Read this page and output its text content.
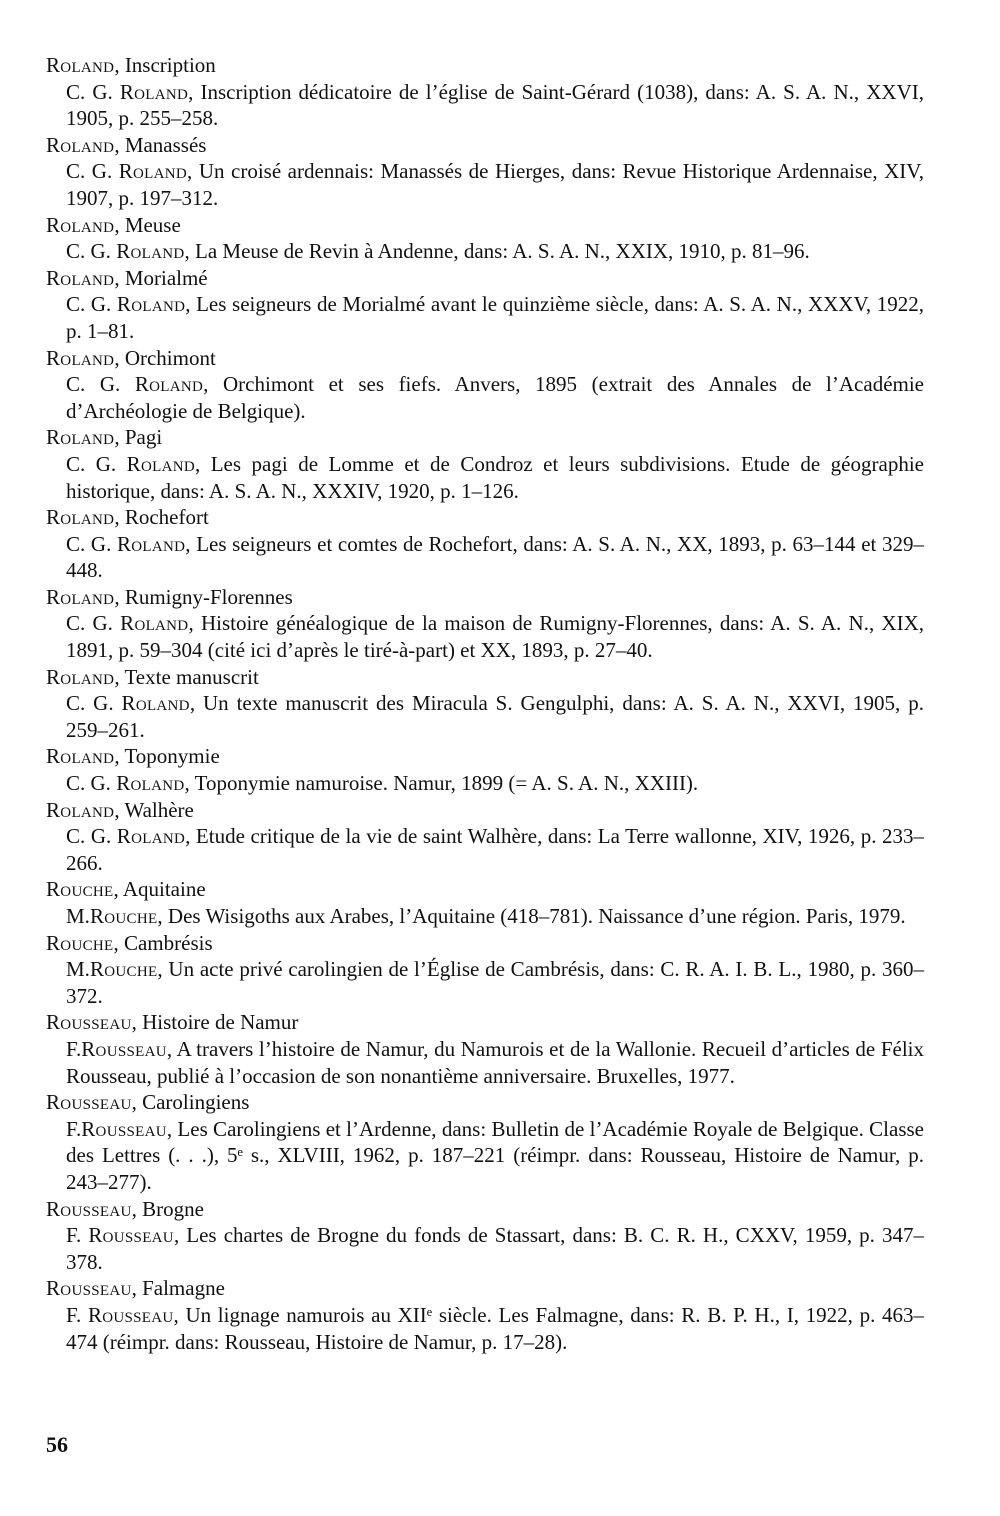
Roland, Inscription

C. G. Roland, Inscription dédicatoire de l’église de Saint-Gérard (1038), dans: A. S. A. N., XXVI, 1905, p. 255–258.

Roland, Manassés

C. G. Roland, Un croisé ardennais: Manassés de Hierges, dans: Revue Historique Ardennaise, XIV, 1907, p. 197–312.

Roland, Meuse

C. G. Roland, La Meuse de Revin à Andenne, dans: A. S. A. N., XXIX, 1910, p. 81–96.

Roland, Morialmé

C. G. Roland, Les seigneurs de Morialmé avant le quinzième siècle, dans: A. S. A. N., XXXV, 1922, p. 1–81.

Roland, Orchimont

C. G. Roland, Orchimont et ses fiefs. Anvers, 1895 (extrait des Annales de l’Académie d’Archéologie de Belgique).

Roland, Pagi

C. G. Roland, Les pagi de Lomme et de Condroz et leurs subdivisions. Etude de géographie historique, dans: A. S. A. N., XXXIV, 1920, p. 1–126.

Roland, Rochefort

C. G. Roland, Les seigneurs et comtes de Rochefort, dans: A. S. A. N., XX, 1893, p. 63–144 et 329–448.

Roland, Rumigny-Florennes

C. G. Roland, Histoire généalogique de la maison de Rumigny-Florennes, dans: A. S. A. N., XIX, 1891, p. 59–304 (cité ici d’après le tiré-à-part) et XX, 1893, p. 27–40.

Roland, Texte manuscrit

C. G. Roland, Un texte manuscrit des Miracula S. Gengulphi, dans: A. S. A. N., XXVI, 1905, p. 259–261.

Roland, Toponymie

C. G. Roland, Toponymie namuroise. Namur, 1899 (= A. S. A. N., XXIII).

Roland, Walhère

C. G. Roland, Etude critique de la vie de saint Walhère, dans: La Terre wallonne, XIV, 1926, p. 233–266.

Rouche, Aquitaine

M.Rouche, Des Wisigoths aux Arabes, l’Aquitaine (418–781). Naissance d’une région. Paris, 1979.

Rouche, Cambrésis

M.Rouche, Un acte privé carolingien de l’Église de Cambrésis, dans: C. R. A. I. B. L., 1980, p. 360–372.

Rousseau, Histoire de Namur

F.Rousseau, A travers l’histoire de Namur, du Namurois et de la Wallonie. Recueil d’articles de Félix Rousseau, publié à l’occasion de son nonantième anniversaire. Bruxelles, 1977.

Rousseau, Carolingiens

F.Rousseau, Les Carolingiens et l’Ardenne, dans: Bulletin de l’Académie Royale de Belgique. Classe des Lettres (. . .), 5ᵉ s., XLVIII, 1962, p. 187–221 (réimpr. dans: Rousseau, Histoire de Namur, p. 243–277).

Rousseau, Brogne

F. Rousseau, Les chartes de Brogne du fonds de Stassart, dans: B. C. R. H., CXXV, 1959, p. 347–378.

Rousseau, Falmagne

F. Rousseau, Un lignage namurois au XIIᵉ siècle. Les Falmagne, dans: R. B. P. H., I, 1922, p. 463–474 (réimpr. dans: Rousseau, Histoire de Namur, p. 17–28).

56
